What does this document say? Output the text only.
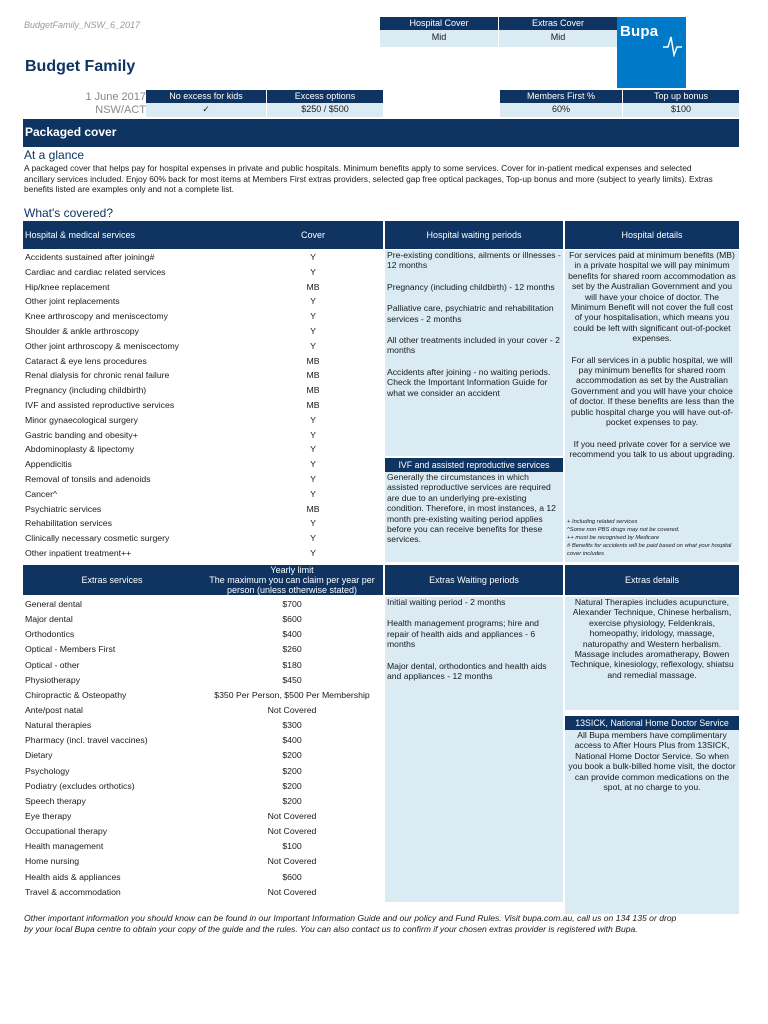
BudgetFamily_NSW_6_2017	Hospital Cover	Extras Cover
Mid	Mid	Bupa
Budget Family
1 June 2017
NSW/ACT
No excess for kids	Excess options
✓	$250 / $500
Members First %	Top up bonus
60%	$100
Packaged cover
At a glance
A packaged cover that helps pay for hospital expenses in private and public hospitals. Minimum benefits apply to some services. Cover for in-patient medical expenses and selected ancillary services included. Enjoy 60% back for most items at Members First extras providers, selected gap free optical packages, Top-up bonus and more (subject to yearly limits). Extras benefits listed are examples only and not a complete list.
What's covered?
Hospital & medical services	Cover
Accidents sustained after joining#	Y
Cardiac and cardiac related services	Y
Hip/knee replacement	MB
Other joint replacements	Y
Knee arthroscopy and meniscectomy	Y
Shoulder & ankle arthroscopy	Y
Other joint arthroscopy & meniscectomy	Y
Cataract & eye lens procedures	MB
Renal dialysis for chronic renal failure	MB
Pregnancy (including childbirth)	MB
IVF and assisted reproductive services	MB
Minor gynaecological surgery	Y
Gastric banding and obesity+	Y
Abdominoplasty & lipectomy	Y
Appendicitis	Y
Removal of tonsils and adenoids	Y
Cancer^	Y
Psychiatric services	MB
Rehabilitation services	Y
Clinically necessary cosmetic surgery	Y
Other inpatient treatment++	Y
Hospital waiting periods
Pre-existing conditions, ailments or illnesses - 12 months
Pregnancy (including childbirth) - 12 months
Palliative care, psychiatric and rehabilitation services - 2 months
All other treatments included in your cover - 2 months
Accidents after joining - no waiting periods. Check the Important Information Guide for what we consider an accident
IVF and assisted reproductive services
Generally the circumstances in which assisted reproductive services are required are due to an underlying pre-existing condition. Therefore, in most instances, a 12 month pre-existing waiting period applies before you can receive benefits for these services.
Hospital details
For services paid at minimum benefits (MB) in a private hospital we will pay minimum benefits for shared room accommodation as set by the Australian Government and you will have your choice of doctor. The Minimum Benefit will not cover the full cost of your hospitalisation, which means you could be left with significant out-of-pocket expenses.
For all services in a public hospital, we will pay minimum benefits for shared room accommodation as set by the Australian Government and you will have your choice of doctor. If these benefits are less than the public hospital charge you will have out-of-pocket expenses to pay.
If you need private cover for a service we recommend you talk to us about upgrading.
+ Including related services
^Some non PBS drugs may not be covered.
++ must be recognised by Medicare
# Benefits for accidents will be paid based on what your hospital cover includes
Extras services
Yearly limit
The maximum you can claim per year per person (unless otherwise stated)
General dental	$700
Major dental	$600
Orthodontics	$400
Optical - Members First	$260
Optical - other	$180
Physiotherapy	$450
Chiropractic & Osteopathy	$350 Per Person, $500 Per Membership
Ante/post natal	Not Covered
Natural therapies	$300
Pharmacy (incl. travel vaccines)	$400
Dietary	$200
Psychology	$200
Podiatry (excludes orthotics)	$200
Speech therapy	$200
Eye therapy	Not Covered
Occupational therapy	Not Covered
Health management	$100
Home nursing	Not Covered
Health aids & appliances	$600
Travel & accommodation	Not Covered
Extras Waiting periods
Initial waiting period - 2 months
Health management programs; hire and repair of health aids and appliances - 6 months
Major dental, orthodontics and health aids and appliances - 12 months
Extras details
Natural Therapies includes acupuncture, Alexander Technique, Chinese herbalism, exercise physiology, Feldenkrais, homeopathy, iridology, massage, naturopathy and Western herbalism. Massage includes aromatherapy, Bowen Technique, kinesiology, reflexology, shiatsu and remedial massage.
13SICK, National Home Doctor Service
All Bupa members have complimentary access to After Hours Plus from 13SICK, National Home Doctor Service. So when you book a bulk-billed home visit, the doctor can provide common medications on the spot, at no charge to you.
Other important information you should know can be found in our Important Information Guide and our policy and Fund Rules. Visit bupa.com.au, call us on 134 135 or drop by your local Bupa centre to obtain your copy of the guide and the rules. You can also contact us to confirm if your chosen extras provider is registered with Bupa.
